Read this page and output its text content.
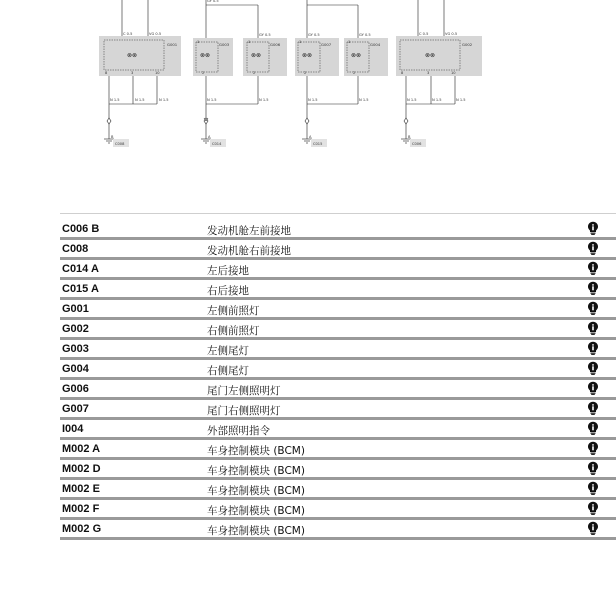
⊗⊗	⊗⊗	⊗⊗	⊗⊗	⊗⊗	⊗⊗
C 0.5	VG 0.5
GY 0.5
GY 0.5	GY 0.5	GY 0.5	C 0.5	VG 0.5
G001	G003	G006	G007	G004	G002
8	3	10	2
1
2
1
2
1	1
2	8	3	10
N 1.5	N 1.5	N 1.5	N 1.5	N 1.5	N 1.5	N 1.5	N 1.5	N 1.5	N 1.5
B
C008
A
C014
A
C015
B
C006
C006 B	发动机舱左前接地
C008	发动机舱右前接地
C014 A	左后接地
C015 A	右后接地
G001	左侧前照灯
G002	右侧前照灯
G003	左侧尾灯
G004	右侧尾灯
G006	尾门左侧照明灯
G007	尾门右侧照明灯
I004	外部照明指令
M002 A	车身控制模块 (BCM)
M002 D	车身控制模块 (BCM)
M002 E	车身控制模块 (BCM)
M002 F	车身控制模块 (BCM)
M002 G	车身控制模块 (BCM)
